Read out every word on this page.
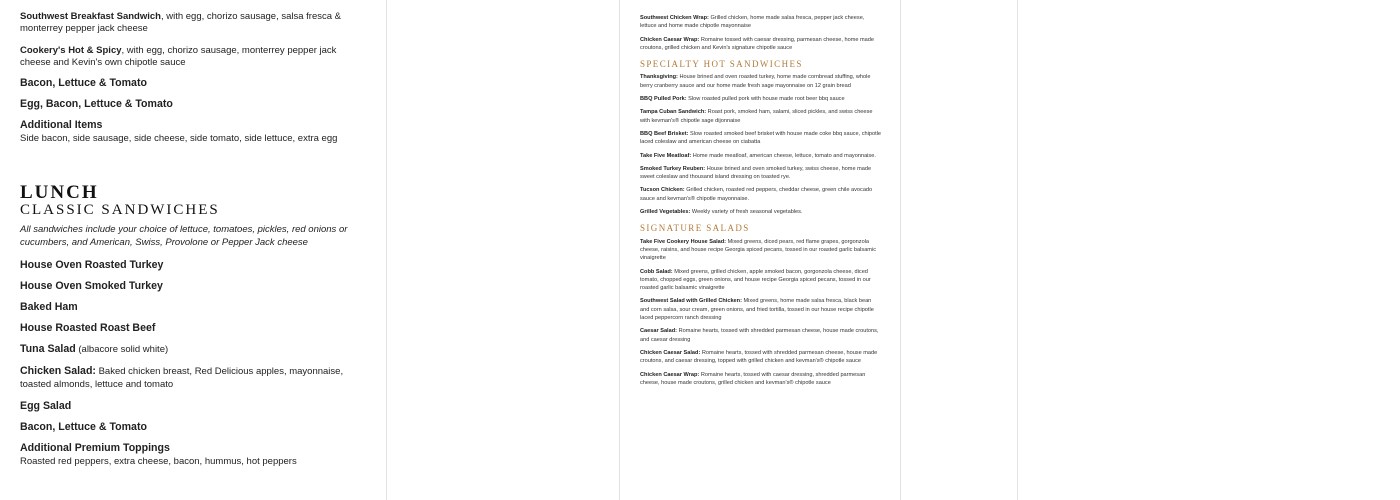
Southwest Breakfast Sandwich, with egg, chorizo sausage, salsa fresca & monterrey pepper jack cheese
Cookery's Hot & Spicy, with egg, chorizo sausage, monterrey pepper jack cheese and Kevin's own chipotle sauce
Bacon, Lettuce & Tomato
Egg, Bacon, Lettuce & Tomato
Additional Items
Side bacon, side sausage, side cheese, side tomato, side lettuce, extra egg
LUNCH
CLASSIC SANDWICHES
All sandwiches include your choice of lettuce, tomatoes, pickles, red onions or cucumbers, and American, Swiss, Provolone or Pepper Jack cheese
House Oven Roasted Turkey
House Oven Smoked Turkey
Baked Ham
House Roasted Roast Beef
Tuna Salad (albacore solid white)
Chicken Salad: Baked chicken breast, Red Delicious apples, mayonnaise, toasted almonds, lettuce and tomato
Egg Salad
Bacon, Lettuce & Tomato
Additional Premium Toppings
Roasted red peppers, extra cheese, bacon, hummus, hot peppers
Southwest Chicken Wrap: Grilled chicken, home made salsa fresca, pepper jack cheese, lettuce and home made chipotle mayonnaise
Chicken Caesar Wrap: Romaine tossed with caesar dressing, parmesan cheese, home made croutons, grilled chicken and Kevin's signature chipotle sauce
SPECIALTY HOT SANDWICHES
Thanksgiving: House brined and oven roasted turkey, home made cornbread stuffing, whole berry cranberry sauce and our home made fresh sage mayonnaise on 12 grain bread
BBQ Pulled Pork: Slow roasted pulled pork with house made root beer bbq sauce
Tampa Cuban Sandwich: Roast pork, smoked ham, salami, sliced pickles, and swiss cheese with kevman's® chipotle sage dijonnaise
BBQ Beef Brisket: Slow roasted smoked beef brisket with house made coke bbq sauce, chipotle laced coleslaw and american cheese on ciabatta
Take Five Meatloaf: Home made meatloaf, american cheese, lettuce, tomato and mayonnaise.
Smoked Turkey Reuben: House brined and oven smoked turkey, swiss cheese, home made sweet coleslaw and thousand island dressing on toasted rye.
Tucson Chicken: Grilled chicken, roasted red peppers, cheddar cheese, green chile avocado sauce and kevman's® chipotle mayonnaise.
Grilled Vegetables: Weekly variety of fresh seasonal vegetables.
SIGNATURE SALADS
Take Five Cookery House Salad: Mixed greens, diced pears, red flame grapes, gorgonzola cheese, raisins, and house recipe Georgia spiced pecans, tossed in our roasted garlic balsamic vinaigrette
Cobb Salad: Mixed greens, grilled chicken, apple smoked bacon, gorgonzola cheese, diced tomato, chopped eggs, green onions, and house recipe Georgia spiced pecans, tossed in our roasted garlic balsamic vinaigrette
Southwest Salad with Grilled Chicken: Mixed greens, home made salsa fresca, black bean and corn salsa, sour cream, green onions, and fried tortilla, tossed in our house recipe chipotle laced peppercorn ranch dressing
Caesar Salad: Romaine hearts, tossed with shredded parmesan cheese, house made croutons, and caesar dressing
Chicken Caesar Salad: Romaine hearts, tossed with shredded parmesan cheese, house made croutons, and caesar dressing, topped with grilled chicken and kevman's® chipotle sauce
Chicken Caesar Wrap: Romaine hearts, tossed with caesar dressing, shredded parmesan cheese, house made croutons, grilled chicken and kevman's® chipotle sauce
